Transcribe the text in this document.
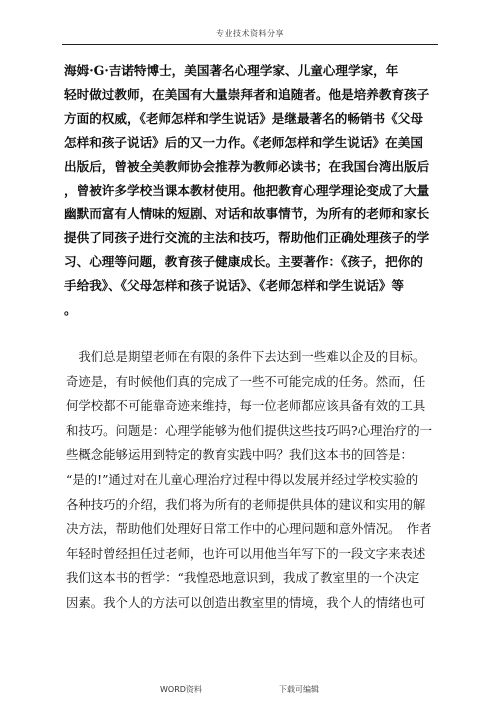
专业技术资料分享
海姆·G·吉诺特博士，美国著名心理学家、儿童心理学家，年
轻时做过教师，在美国有大量崇拜者和追随者。他是培养教育孩子
方面的权威，《老师怎样和学生说话》是继最著名的畅销书《父母
怎样和孩子说话》后的又一力作。《老师怎样和学生说话》在美国
出版后，曾被全美教师协会推荐为教师必读书；在我国台湾出版后
，曾被许多学校当课本教材使用。他把教育心理学理论变成了大量
幽默而富有人情味的短剧、对话和故事情节，为所有的老师和家长
提供了同孩子进行交流的主法和技巧，帮助他们正确处理孩子的学
习、心理等问题，教育孩子健康成长。主要著作：《孩子，把你的
手给我》、《父母怎样和孩子说话》、《老师怎样和学生说话》等
。
　我们总是期望老师在有限的条件下去达到一些难以企及的目标。
奇迹是，有时候他们真的完成了一些不可能完成的任务。然而，任
何学校都不可能靠奇迹来维持，每一位老师都应该具备有效的工具
和技巧。问题是：心理学能够为他们提供这些技巧吗?心理治疗的一
些概念能够运用到特定的教育实践中吗？我们这本书的回答是：
“是的!”通过对在儿童心理治疗过程中得以发展并经过学校实验的
各种技巧的介绍，我们将为所有的老师提供具体的建议和实用的解
决方法，帮助他们处理好日常工作中的心理问题和意外情况。　作者
年轻时曾经担任过老师，也许可以用他当年写下的一段文字来表述
我们这本书的哲学：“我惶恐地意识到，我成了教室里的一个决定
因素。我个人的方法可以创造出教室里的情境，我个人的情绪也可
WORD资料	下载可编辑
